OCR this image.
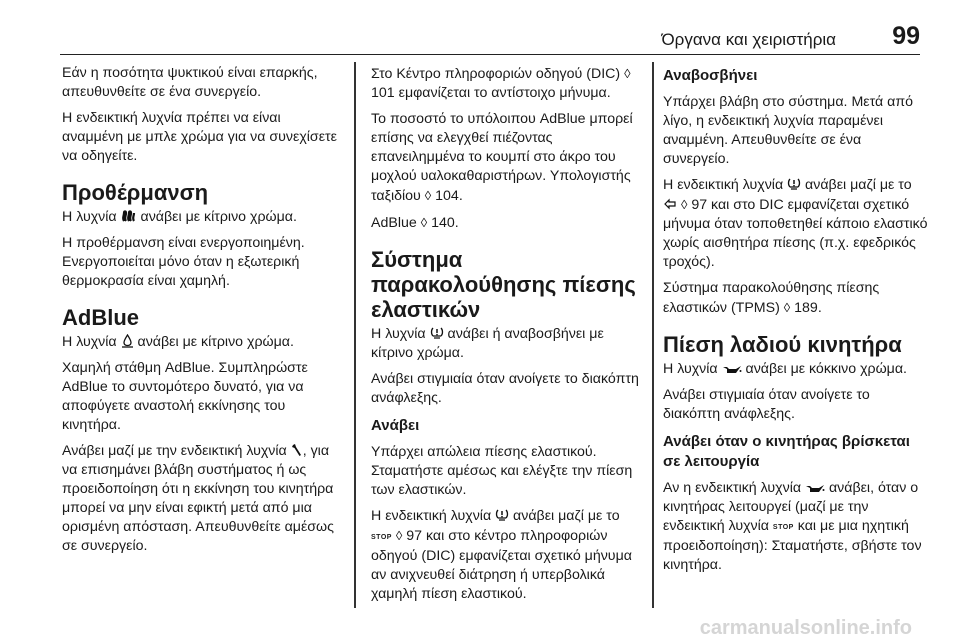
Όργανα και χειριστήρια 99

Εάν η ποσότητα ψυκτικού είναι επαρκής, απευθυνθείτε σε ένα συνεργείο.

Η ενδεικτική λυχνία πρέπει να είναι αναμμένη με μπλε χρώμα για να συνεχίσετε να οδηγείτε.

Προθέρμανση

Η λυχνία  ανάβει με κίτρινο χρώμα.

Η προθέρμανση είναι ενεργοποιημένη. Ενεργοποιείται μόνο όταν η εξωτερική θερμοκρασία είναι χαμηλή.

AdBlue

Η λυχνία  ανάβει με κίτρινο χρώμα.

Χαμηλή στάθμη AdBlue. Συμπληρώστε AdBlue το συντομότερο δυνατό, για να αποφύγετε αναστολή εκκίνησης του κινητήρα.

Ανάβει μαζί με την ενδεικτική λυχνία , για να επισημάνει βλάβη συστήματος ή ως προειδοποίηση ότι η εκκίνηση του κινητήρα μπορεί να μην είναι εφικτή μετά από μια ορισμένη απόσταση. Απευθυνθείτε αμέσως σε συνεργείο.

Στο Κέντρο πληροφοριών οδηγού (DIC) ◊ 101 εμφανίζεται το αντίστοιχο μήνυμα.

Το ποσοστό το υπόλοιπου AdBlue μπορεί επίσης να ελεγχθεί πιέζοντας επανειλημμένα το κουμπί στο άκρο του μοχλού υαλοκαθαριστήρων. Υπολογιστής ταξιδίου ◊ 104.

AdBlue ◊ 140.

Σύστημα παρακολούθησης πίεσης ελαστικών

Η λυχνία  ανάβει ή αναβοσβήνει με κίτρινο χρώμα.

Ανάβει στιγμιαία όταν ανοίγετε το διακόπτη ανάφλεξης.

Ανάβει

Υπάρχει απώλεια πίεσης ελαστικού. Σταματήστε αμέσως και ελέγξτε την πίεση των ελαστικών.

Η ενδεικτική λυχνία  ανάβει μαζί με το STOP ◊ 97 και στο κέντρο πληροφοριών οδηγού (DIC) εμφανίζεται σχετικό μήνυμα αν ανιχνευθεί διάτρηση ή υπερβολικά χαμηλή πίεση ελαστικού.

Αναβοσβήνει

Υπάρχει βλάβη στο σύστημα. Μετά από λίγο, η ενδεικτική λυχνία παραμένει αναμμένη. Απευθυνθείτε σε ένα συνεργείο.

Η ενδεικτική λυχνία  ανάβει μαζί με το  ◊ 97 και στο DIC εμφανίζεται σχετικό μήνυμα όταν τοποθετηθεί κάποιο ελαστικό χωρίς αισθητήρα πίεσης (π.χ. εφεδρικός τροχός).

Σύστημα παρακολούθησης πίεσης ελαστικών (TPMS) ◊ 189.

Πίεση λαδιού κινητήρα

Η λυχνία  ανάβει με κόκκινο χρώμα.

Ανάβει στιγμιαία όταν ανοίγετε το διακόπτη ανάφλεξης.

Ανάβει όταν ο κινητήρας βρίσκεται σε λειτουργία

Αν η ενδεικτική λυχνία  ανάβει, όταν ο κινητήρας λειτουργεί (μαζί με την ενδεικτική λυχνία STOP και με μια ηχητική προειδοποίηση): Σταματήστε, σβήστε τον κινητήρα.

carmanualsonline.info
